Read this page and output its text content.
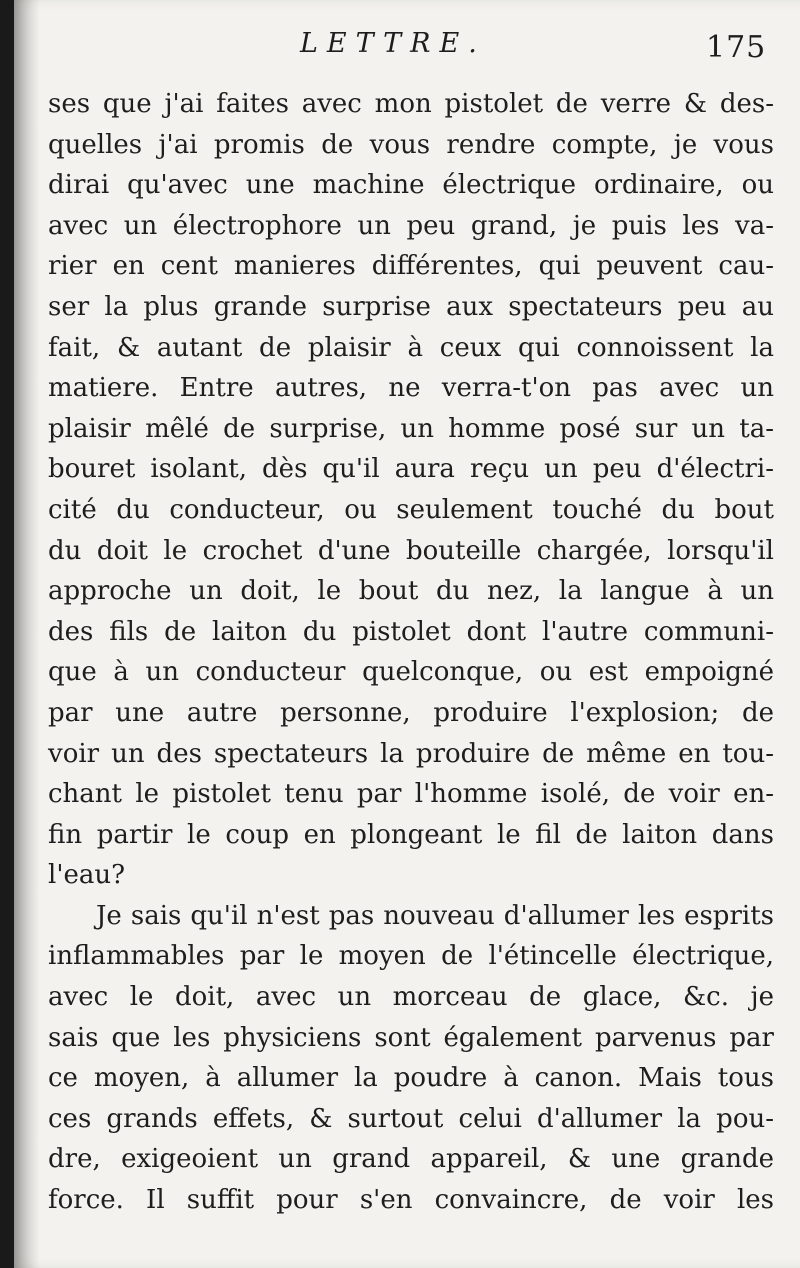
LETTRE.	175
ses que j'ai faites avec mon pistolet de verre & des-
quelles j'ai promis de vous rendre compte, je vous
dirai qu'avec une machine électrique ordinaire, ou
avec un électrophore un peu grand, je puis les va-
rier en cent manieres différentes, qui peuvent cau-
ser la plus grande surprise aux spectateurs peu au
fait, & autant de plaisir à ceux qui connoissent la
matiere. Entre autres, ne verra-t'on pas avec un
plaisir mêlé de surprise, un homme posé sur un ta-
bouret isolant, dès qu'il aura reçu un peu d'électri-
cité du conducteur, ou seulement touché du bout
du doit le crochet d'une bouteille chargée, lorsqu'il
approche un doit, le bout du nez, la langue à un
des fils de laiton du pistolet dont l'autre communi-
que à un conducteur quelconque, ou est empoigné
par une autre personne, produire l'explosion; de
voir un des spectateurs la produire de même en tou-
chant le pistolet tenu par l'homme isolé, de voir en-
fin partir le coup en plongeant le fil de laiton dans
l'eau?
Je sais qu'il n'est pas nouveau d'allumer les esprits
inflammables par le moyen de l'étincelle électrique,
avec le doit, avec un morceau de glace, &c. je
sais que les physiciens sont également parvenus par
ce moyen, à allumer la poudre à canon. Mais tous
ces grands effets, & surtout celui d'allumer la pou-
dre, exigeoient un grand appareil, & une grande
force. Il suffit pour s'en convaincre, de voir les
